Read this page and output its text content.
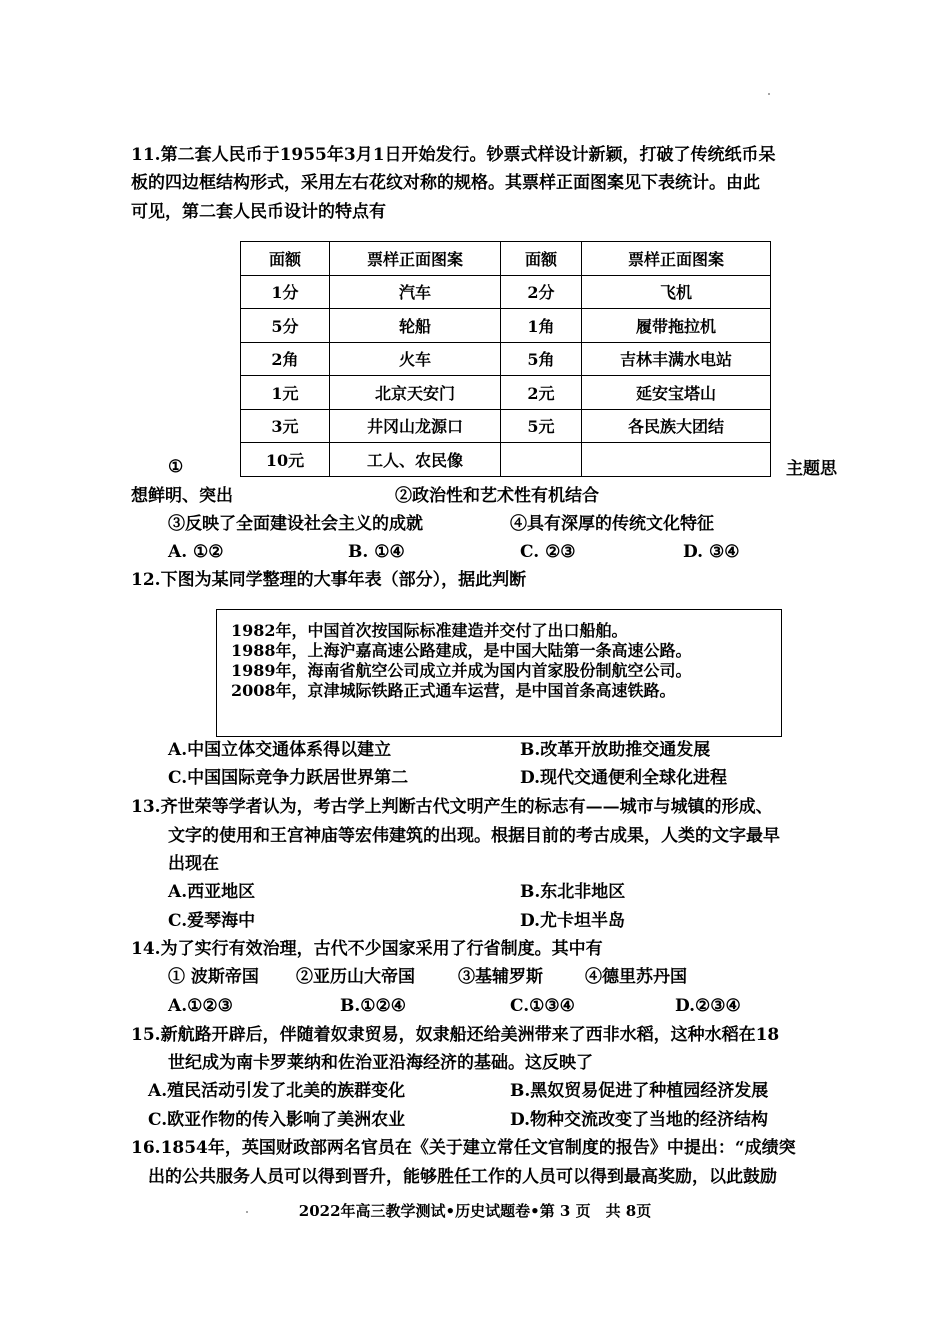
11.第二套人民币于1955年3月1日开始发行。钞票式样设计新颖，打破了传统纸币呆
板的四边框结构形式，采用左右花纹对称的规格。其票样正面图案见下表统计。由此
可见，第二套人民币设计的特点有
面额	票样正面图案	面额	票样正面图案
1分	汽车	2分	飞机
5分	轮船	1角	履带拖拉机
2角	火车	5角	吉林丰满水电站
1元	北京天安门	2元	延安宝塔山
3元	井冈山龙源口	5元	各民族大团结
10元	工人、农民像		
①	主题思
想鲜明、突出	②政治性和艺术性有机结合
③反映了全面建设社会主义的成就	④具有深厚的传统文化特征
A. ①②	B. ①④	C. ②③	D. ③④
12.下图为某同学整理的大事年表（部分），据此判断
1982年，中国首次按国际标准建造并交付了出口船舶。
1988年，上海沪嘉高速公路建成，是中国大陆第一条高速公路。
1989年，海南省航空公司成立并成为国内首家股份制航空公司。
2008年，京津城际铁路正式通车运营，是中国首条高速铁路。
A.中国立体交通体系得以建立	B.改革开放助推交通发展
C.中国国际竞争力跃居世界第二	D.现代交通便利全球化进程
13.齐世荣等学者认为，考古学上判断古代文明产生的标志有——城市与城镇的形成、
文字的使用和王宫神庙等宏伟建筑的出现。根据目前的考古成果，人类的文字最早
出现在
A.西亚地区	B.东北非地区
C.爱琴海中	D.尤卡坦半岛
14.为了实行有效治理，古代不少国家采用了行省制度。其中有
① 波斯帝国 ②亚历山大帝国	③基辅罗斯 ④德里苏丹国
A.①②③	B.①②④	C.①③④	D.②③④
15.新航路开辟后，伴随着奴隶贸易，奴隶船还给美洲带来了西非水稻，这种水稻在18
世纪成为南卡罗莱纳和佐治亚沿海经济的基础。这反映了
A.殖民活动引发了北美的族群变化	B.黑奴贸易促进了种植园经济发展
C.欧亚作物的传入影响了美洲农业	D.物种交流改变了当地的经济结构
16.1854年，英国财政部两名官员在《关于建立常任文官制度的报告》中提出：“成绩突
出的公共服务人员可以得到晋升，能够胜任工作的人员可以得到最高奖励，以此鼓励
2022年高三教学测试•历史试题卷•第 3 页　共 8页
